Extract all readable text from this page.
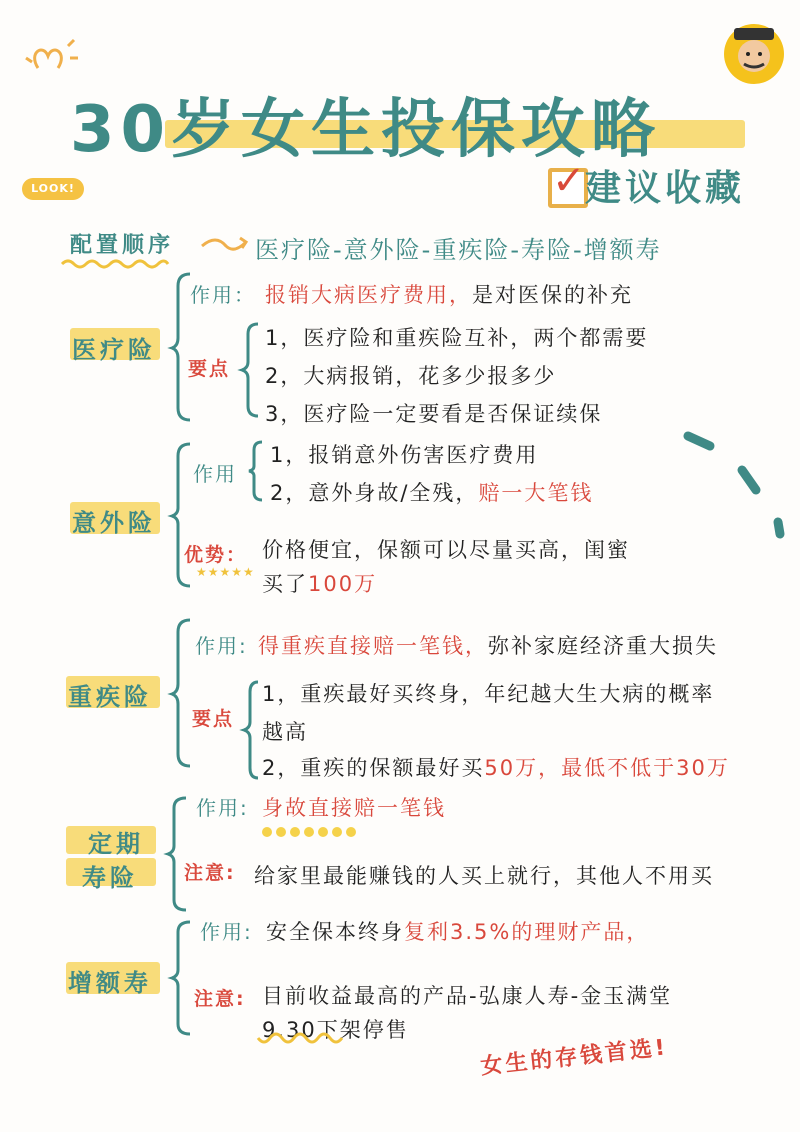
30岁女生投保攻略
LOOK!	✓ 建议收藏
配置顺序	医疗险-意外险-重疾险-寿险-增额寿
医疗险
作用： 报销大病医疗费用，是对医保的补充
要点
1，医疗险和重疾险互补，两个都需要
2，大病报销，花多少报多少
3，医疗险一定要看是否保证续保
意外险
作用
1，报销意外伤害医疗费用
2，意外身故/全残，赔一大笔钱
优势：
★★★★★
价格便宜，保额可以尽量买高，闺蜜
买了100万
重疾险
作用: 得重疾直接赔一笔钱，弥补家庭经济重大损失
要点
1，重疾最好买终身，年纪越大生大病的概率
越高
2，重疾的保额最好买50万，最低不低于30万
定期
寿险
作用: 身故直接赔一笔钱
注意: 给家里最能赚钱的人买上就行，其他人不用买
增额寿
作用: 安全保本终身复利3.5%的理财产品，
注意: 目前收益最高的产品-弘康人寿-金玉满堂
9.30下架停售
女生的存钱首选!
